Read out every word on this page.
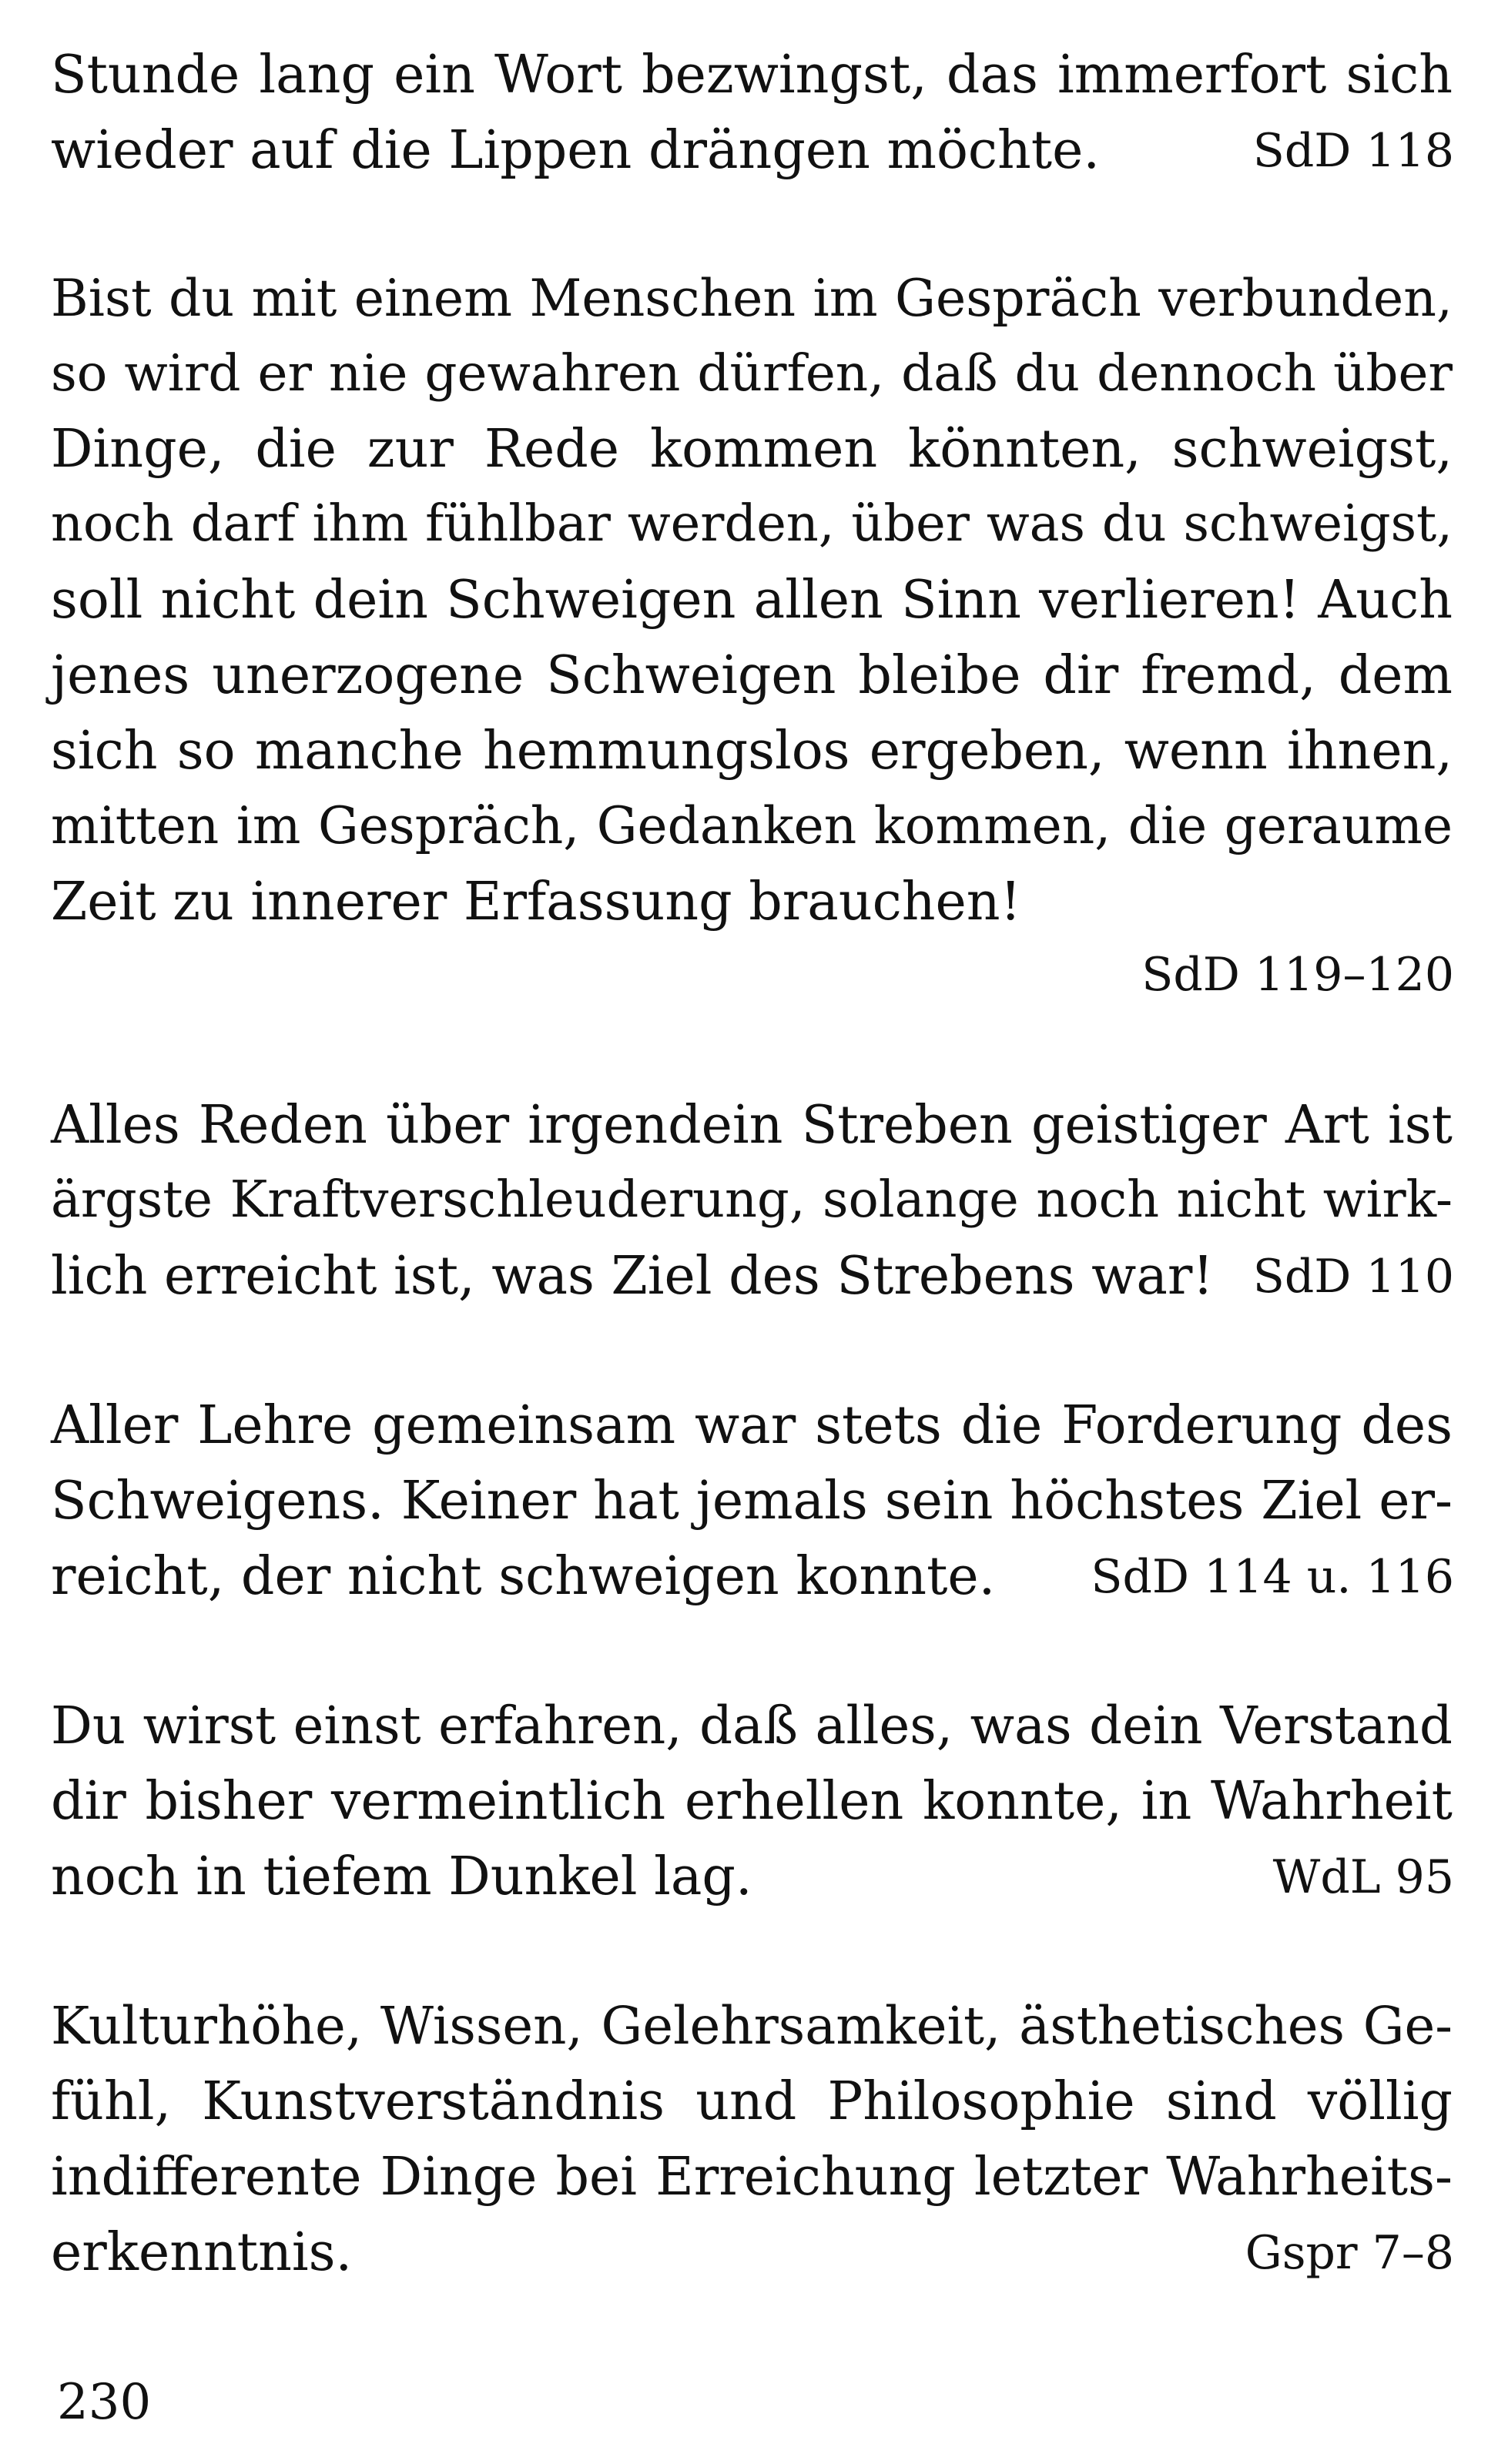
Stunde lang ein Wort bezwingst, das immerfort sich
wieder auf die Lippen drängen möchte.	SdD 118
Bist du mit einem Menschen im Gespräch verbunden,
so wird er nie gewahren dürfen, daß du dennoch über
Dinge, die zur Rede kommen könnten, schweigst,
noch darf ihm fühlbar werden, über was du schweigst,
soll nicht dein Schweigen allen Sinn verlieren! Auch
jenes unerzogene Schweigen bleibe dir fremd, dem
sich so manche hemmungslos ergeben, wenn ihnen,
mitten im Gespräch, Gedanken kommen, die geraume
Zeit zu innerer Erfassung brauchen!
SdD 119–120
Alles Reden über irgendein Streben geistiger Art ist
ärgste Kraftverschleuderung, solange noch nicht wirk-
lich erreicht ist, was Ziel des Strebens war! SdD 110
Aller Lehre gemeinsam war stets die Forderung des
Schweigens. Keiner hat jemals sein höchstes Ziel er-
reicht, der nicht schweigen konnte.	SdD 114 u. 116
Du wirst einst erfahren, daß alles, was dein Verstand
dir bisher vermeintlich erhellen konnte, in Wahrheit
noch in tiefem Dunkel lag.	WdL 95
Kulturhöhe, Wissen, Gelehrsamkeit, ästhetisches Ge-
fühl, Kunstverständnis und Philosophie sind völlig
indifferente Dinge bei Erreichung letzter Wahrheits-
erkenntnis.	Gspr 7–8
230
